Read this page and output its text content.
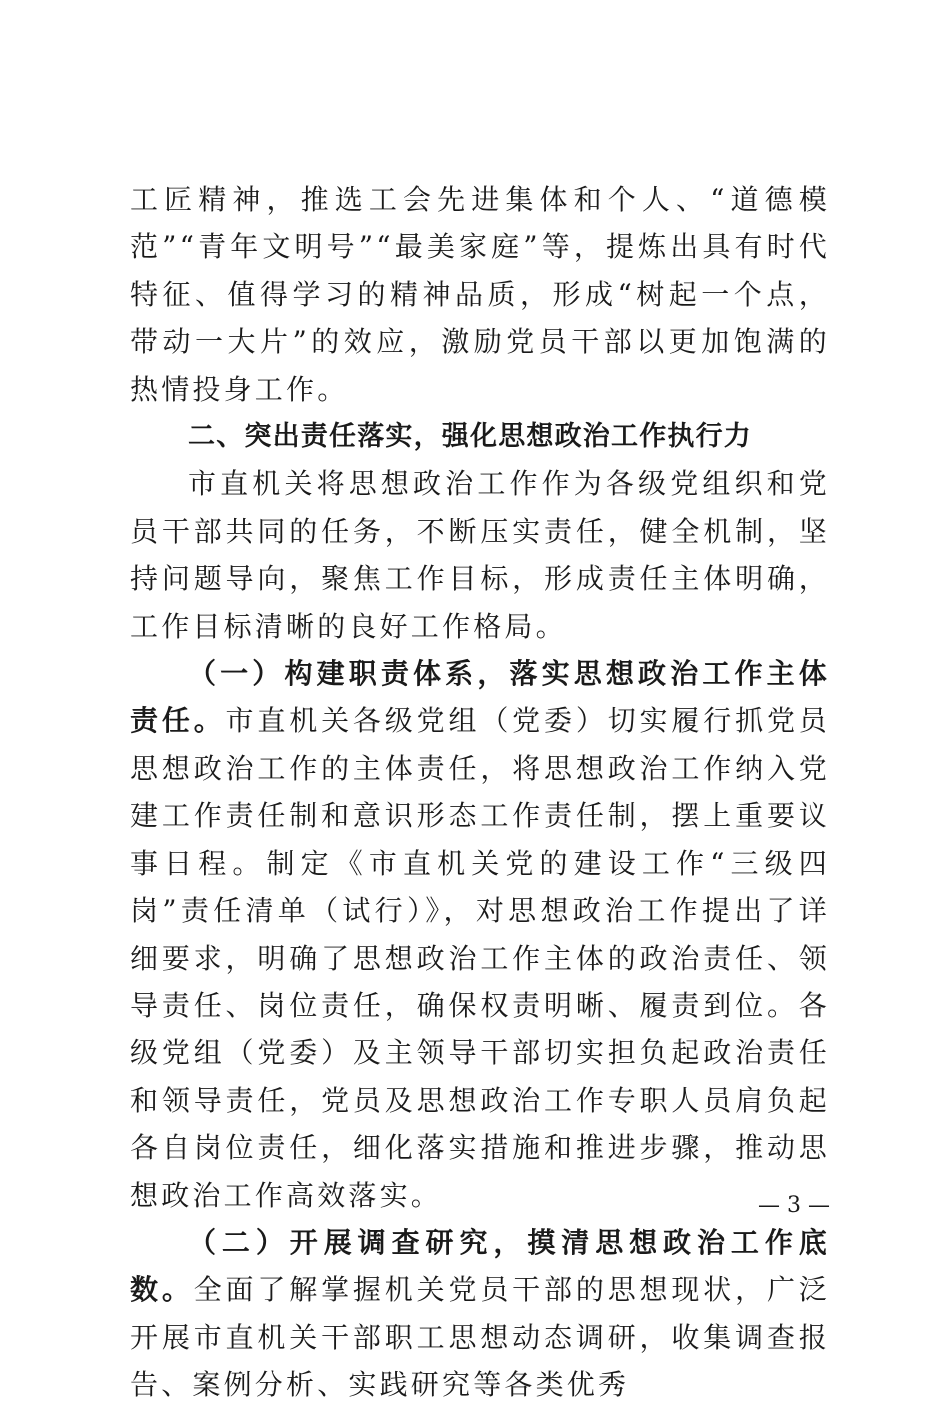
工匠精神，推选工会先进集体和个人、“道德模范”“青年文明号”“最美家庭”等，提炼出具有时代特征、值得学习的精神品质，形成“树起一个点，带动一大片”的效应，激励党员干部以更加饱满的热情投身工作。

二、突出责任落实，强化思想政治工作执行力

市直机关将思想政治工作作为各级党组织和党员干部共同的任务，不断压实责任，健全机制，坚持问题导向，聚焦工作目标，形成责任主体明确，工作目标清晰的良好工作格局。

（一）构建职责体系，落实思想政治工作主体责任。市直机关各级党组（党委）切实履行抓党员思想政治工作的主体责任，将思想政治工作纳入党建工作责任制和意识形态工作责任制，摆上重要议事日程。制定《市直机关党的建设工作“三级四岗”责任清单（试行）》，对思想政治工作提出了详细要求，明确了思想政治工作主体的政治责任、领导责任、岗位责任，确保权责明晰、履责到位。各级党组（党委）及主领导干部切实担负起政治责任和领导责任，党员及思想政治工作专职人员肩负起各自岗位责任，细化落实措施和推进步骤，推动思想政治工作高效落实。

（二）开展调查研究，摸清思想政治工作底数。全面了解掌握机关党员干部的思想现状，广泛开展市直机关干部职工思想动态调研，收集调查报告、案例分析、实践研究等各类优秀

— 3 —
